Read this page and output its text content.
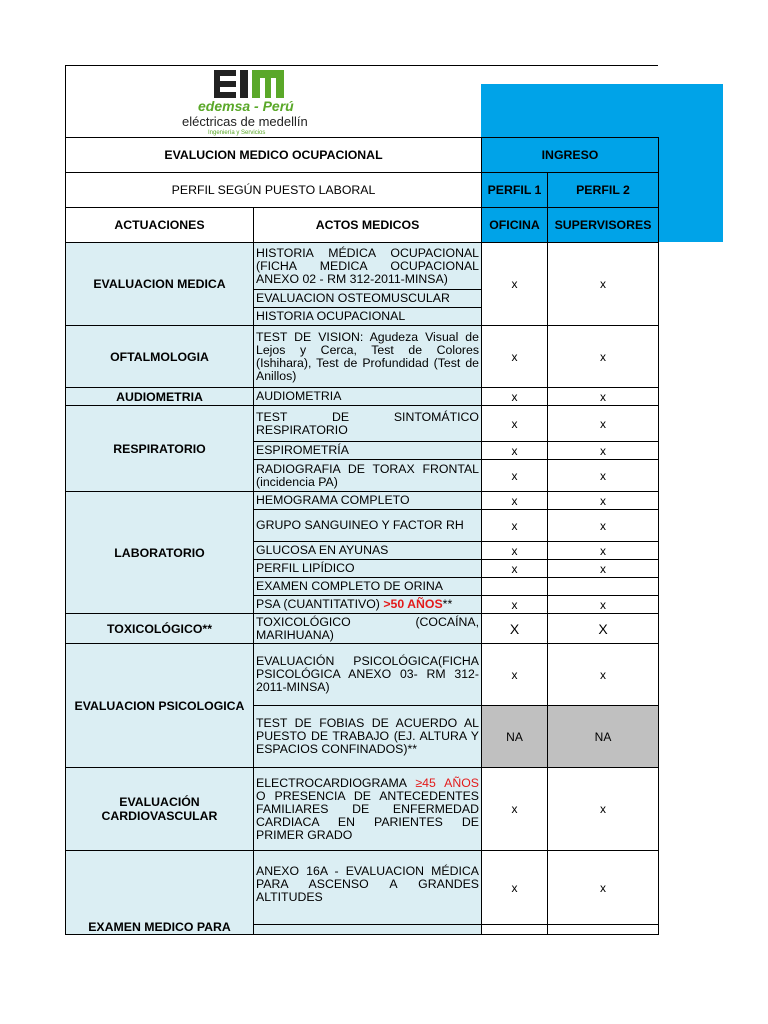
edemsa - Perú
eléctricas de medellín
Ingeniería y Servicios
EVALUCION MEDICO OCUPACIONAL		INGRESO	
PERFIL SEGÚN PUESTO LABORAL		PERFIL 1	PERFIL 2
ACTUACIONES	ACTOS MEDICOS	OFICINA	SUPERVISORES
EVALUACION MEDICA	HISTORIA MÉDICA OCUPACIONAL (FICHA MEDICA OCUPACIONAL ANEXO 02 - RM 312-2011-MINSA)	x	x
	EVALUACION OSTEOMUSCULAR		
	HISTORIA OCUPACIONAL		
OFTALMOLOGIA	TEST DE VISION: Agudeza Visual de Lejos y Cerca, Test de Colores (Ishihara), Test de Profundidad (Test de Anillos)	x	x
AUDIOMETRIA	AUDIOMETRIA	x	x
RESPIRATORIO	TEST DE SINTOMÁTICO RESPIRATORIO	x	x
	ESPIROMETRÍA	x	x
	RADIOGRAFIA DE TORAX FRONTAL (incidencia PA)	x	x
LABORATORIO	HEMOGRAMA COMPLETO	x	x
	GRUPO SANGUINEO Y FACTOR RH	x	x
	GLUCOSA EN AYUNAS	x	x
	PERFIL LIPÍDICO	x	x
	EXAMEN COMPLETO DE ORINA		
	PSA (CUANTITATIVO) >50 AÑOS**	x	x
TOXICOLÓGICO**	TOXICOLÓGICO (COCAÍNA, MARIHUANA)	X	X
EVALUACION PSICOLOGICA	EVALUACIÓN PSICOLÓGICA(FICHA PSICOLÓGICA ANEXO 03- RM 312-2011-MINSA)	x	x
	TEST DE FOBIAS DE ACUERDO AL PUESTO DE TRABAJO (EJ. ALTURA Y ESPACIOS CONFINADOS)**	NA	NA
EVALUACIÓN CARDIOVASCULAR	ELECTROCARDIOGRAMA ≥45 AÑOS O PRESENCIA DE ANTECEDENTES FAMILIARES DE ENFERMEDAD CARDIACA EN PARIENTES DE PRIMER GRADO	x	x
EXAMEN MEDICO PARA	ANEXO 16A - EVALUACION MÉDICA PARA ASCENSO A GRANDES ALTITUDES	x	x
